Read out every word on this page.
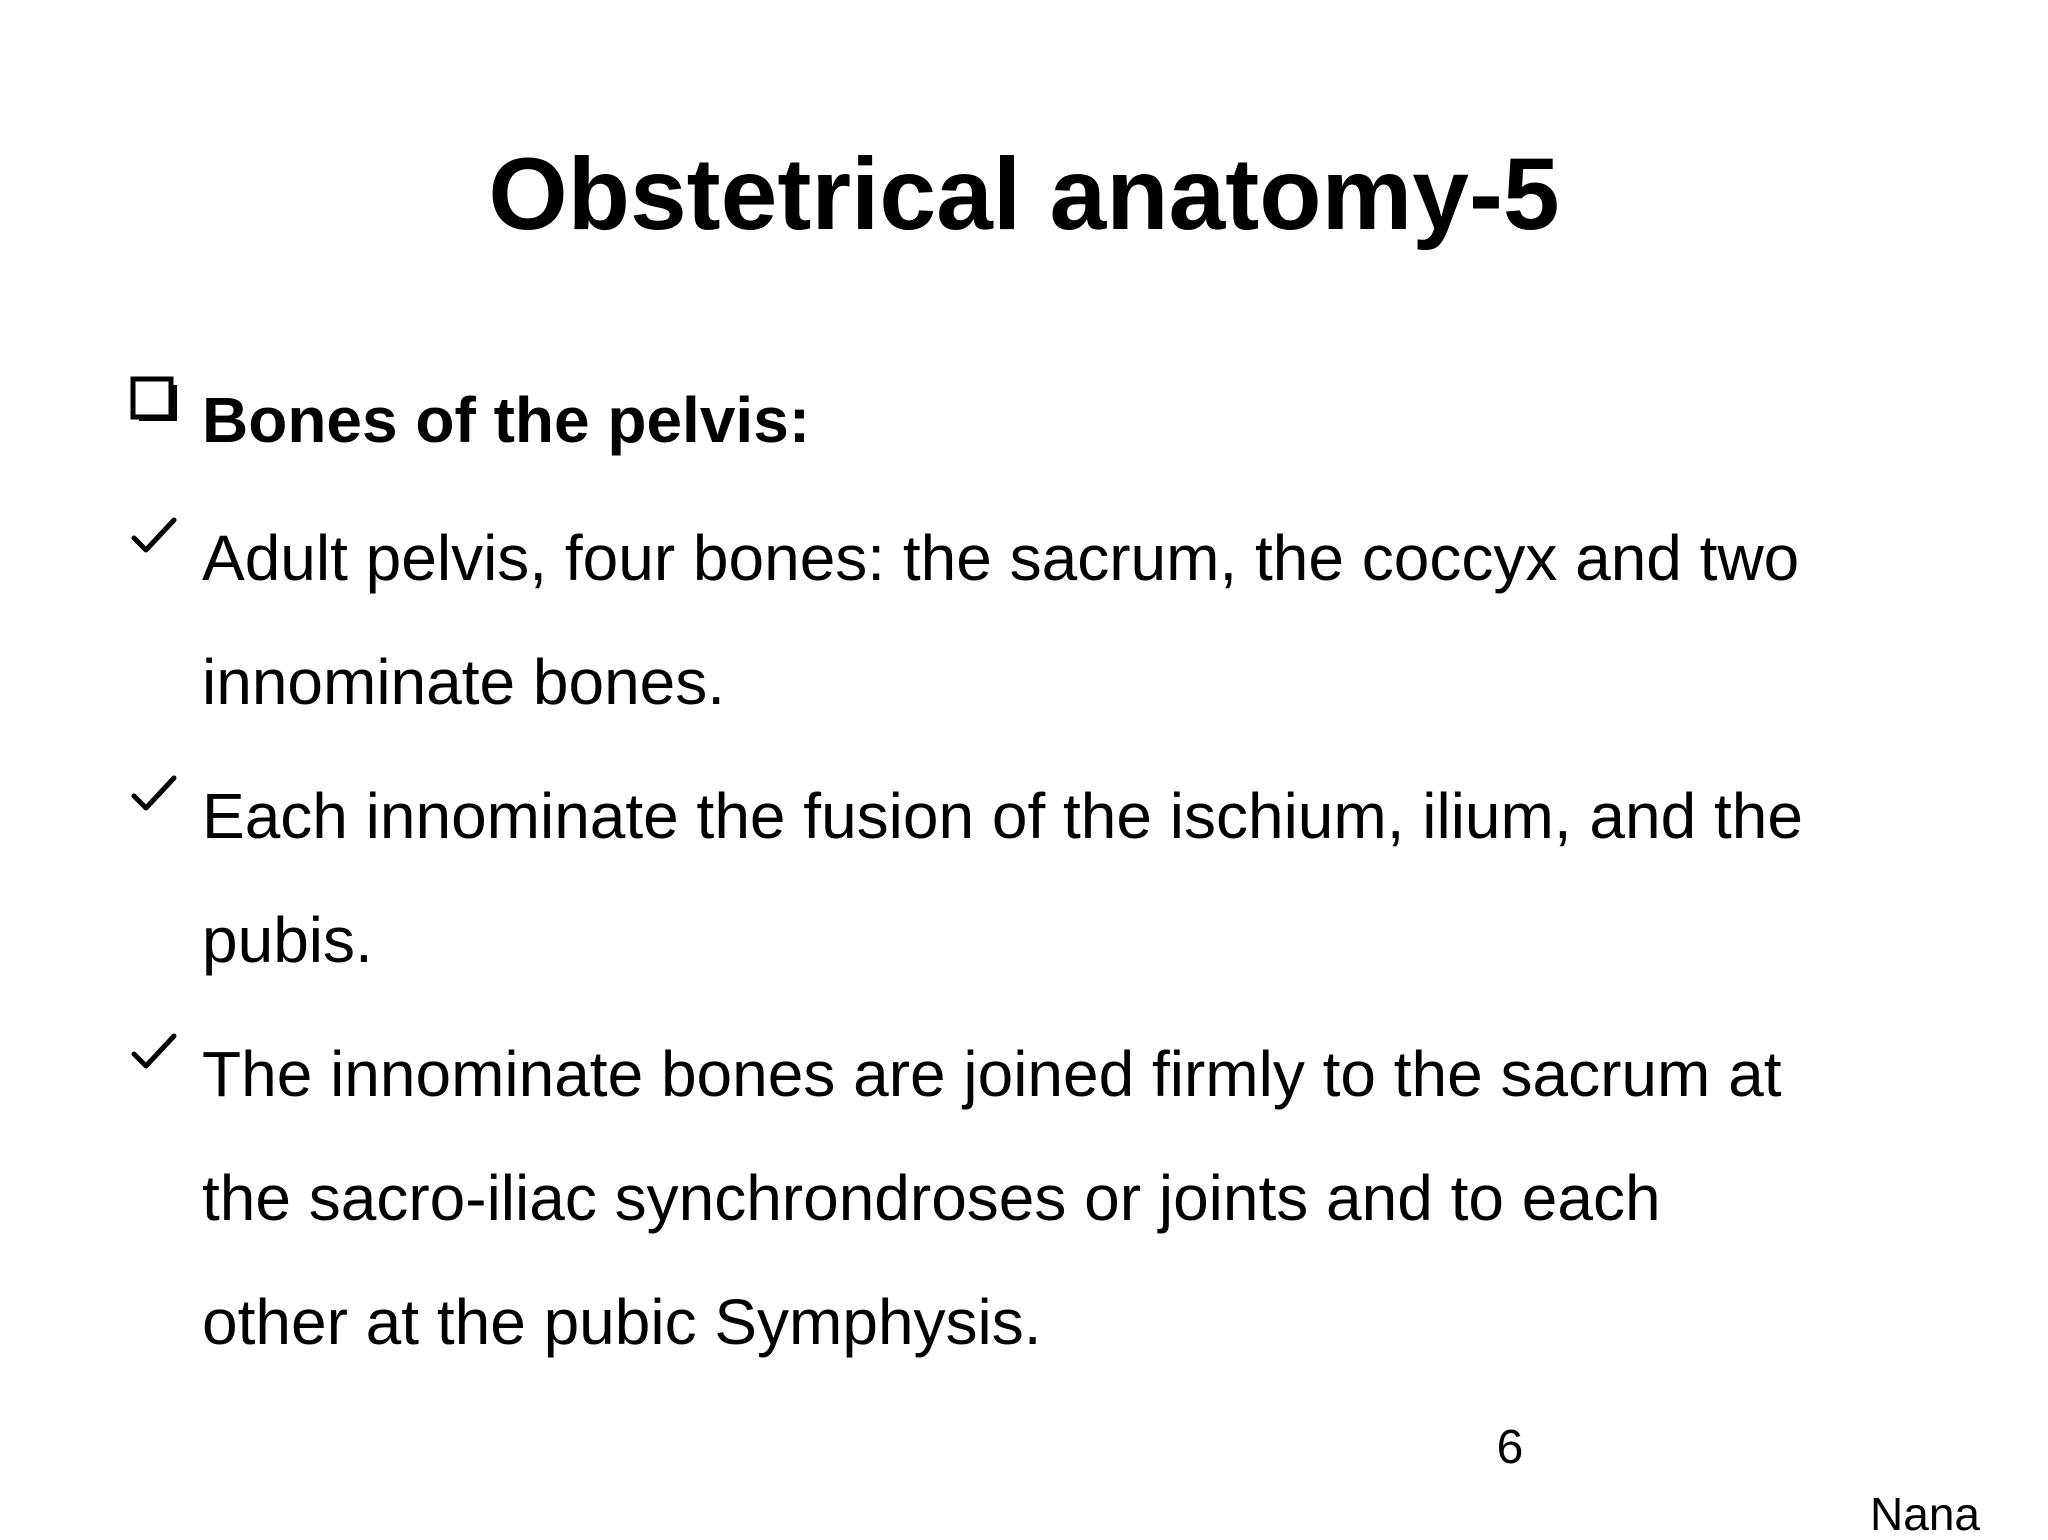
Obstetrical anatomy-5
Bones of the pelvis:
Adult pelvis, four bones: the sacrum, the coccyx and two
innominate bones.
Each innominate the fusion of the ischium, ilium, and the
pubis.
The innominate bones are joined firmly to the sacrum at
the sacro-iliac synchrondroses or joints and to each
other at the pubic Symphysis.
6
Nana
